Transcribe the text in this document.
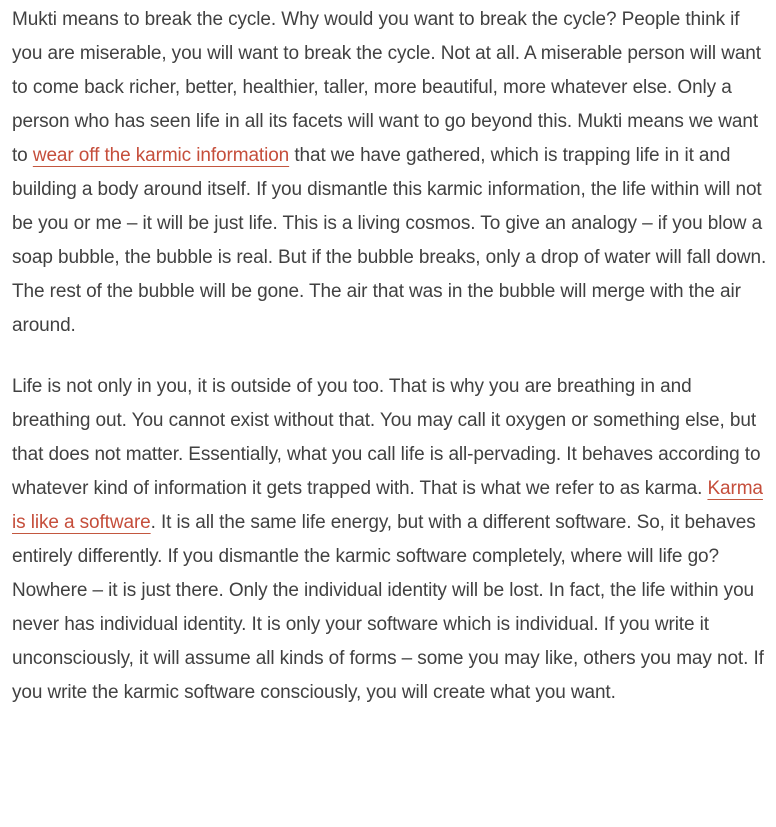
Mukti means to break the cycle. Why would you want to break the cycle? People think if you are miserable, you will want to break the cycle. Not at all. A miserable person will want to come back richer, better, healthier, taller, more beautiful, more whatever else. Only a person who has seen life in all its facets will want to go beyond this. Mukti means we want to wear off the karmic information that we have gathered, which is trapping life in it and building a body around itself. If you dismantle this karmic information, the life within will not be you or me – it will be just life. This is a living cosmos. To give an analogy – if you blow a soap bubble, the bubble is real. But if the bubble breaks, only a drop of water will fall down. The rest of the bubble will be gone. The air that was in the bubble will merge with the air around.

Life is not only in you, it is outside of you too. That is why you are breathing in and breathing out. You cannot exist without that. You may call it oxygen or something else, but that does not matter. Essentially, what you call life is all-pervading. It behaves according to whatever kind of information it gets trapped with. That is what we refer to as karma. Karma is like a software. It is all the same life energy, but with a different software. So, it behaves entirely differently. If you dismantle the karmic software completely, where will life go? Nowhere – it is just there. Only the individual identity will be lost. In fact, the life within you never has individual identity. It is only your software which is individual. If you write it unconsciously, it will assume all kinds of forms – some you may like, others you may not. If you write the karmic software consciously, you will create what you want.
